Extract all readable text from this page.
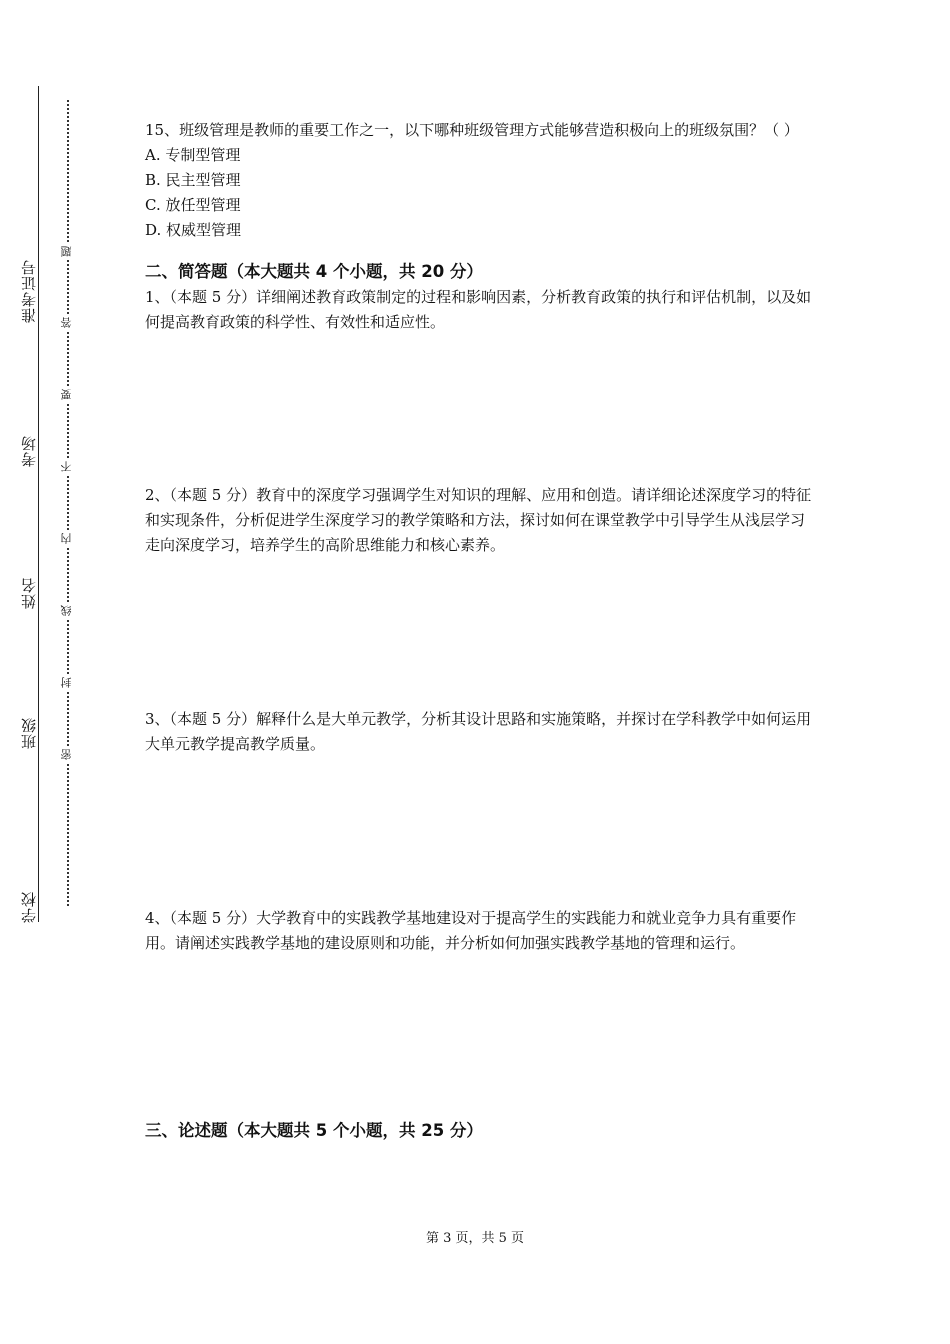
准考证号
考场
姓名
班级
学校
题
答
要
不
内
线
封
密

15、班级管理是教师的重要工作之一，以下哪种班级管理方式能够营造积极向上的班级氛围？（ ）

A. 专制型管理

B. 民主型管理

C. 放任型管理

D. 权威型管理

二、简答题（本大题共 4 个小题，共 20 分）

1、（本题 5 分）详细阐述教育政策制定的过程和影响因素，分析教育政策的执行和评估机制，以及如何提高教育政策的科学性、有效性和适应性。

2、（本题 5 分）教育中的深度学习强调学生对知识的理解、应用和创造。请详细论述深度学习的特征和实现条件，分析促进学生深度学习的教学策略和方法，探讨如何在课堂教学中引导学生从浅层学习走向深度学习，培养学生的高阶思维能力和核心素养。

3、（本题 5 分）解释什么是大单元教学，分析其设计思路和实施策略，并探讨在学科教学中如何运用大单元教学提高教学质量。

4、（本题 5 分）大学教育中的实践教学基地建设对于提高学生的实践能力和就业竞争力具有重要作用。请阐述实践教学基地的建设原则和功能，并分析如何加强实践教学基地的管理和运行。

三、论述题（本大题共 5 个小题，共 25 分）
第 3 页，共 5 页
